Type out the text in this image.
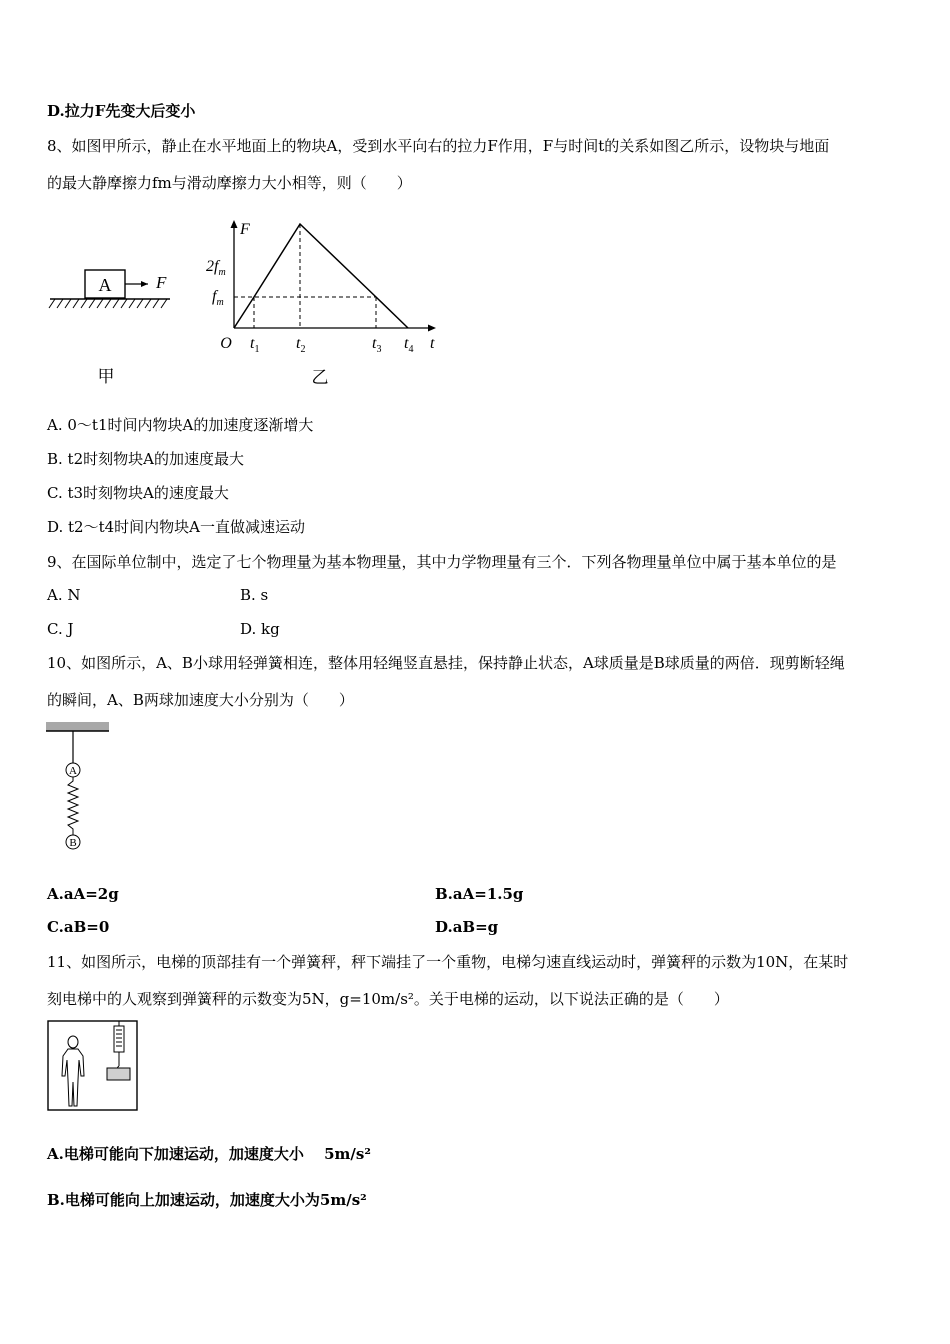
D.拉力F先变大后变小
8、如图甲所示，静止在水平地面上的物块A，受到水平向右的拉力F作用，F与时间t的关系如图乙所示，设物块与地面
的最大静摩擦力fm与滑动摩擦力大小相等，则（　　）
A	F
甲
F
t
O
$2f_m$
$f_m$
$t_1$ $t_2$	$t_3$ $t_4$
乙
A. 0～t1时间内物块A的加速度逐渐增大
B. t2时刻物块A的加速度最大
C. t3时刻物块A的速度最大
D. t2～t4时间内物块A一直做减速运动
9、在国际单位制中，选定了七个物理量为基本物理量，其中力学物理量有三个．下列各物理量单位中属于基本单位的是
A. N	B. s
C. J	D. kg
10、如图所示，A、B小球用轻弹簧相连，整体用轻绳竖直悬挂，保持静止状态，A球质量是B球质量的两倍．现剪断轻绳
的瞬间，A、B两球加速度大小分别为（　　）
A
B
A.aA=2g	B.aA=1.5g
C.aB=0	D.aB=g
11、如图所示，电梯的顶部挂有一个弹簧秤，秤下端挂了一个重物，电梯匀速直线运动时，弹簧秤的示数为10N，在某时
刻电梯中的人观察到弹簧秤的示数变为5N，g=10m/s²。关于电梯的运动，以下说法正确的是（　　）
A.电梯可能向下加速运动，加速度大小　 5m/s²
B.电梯可能向上加速运动，加速度大小为5m/s²
